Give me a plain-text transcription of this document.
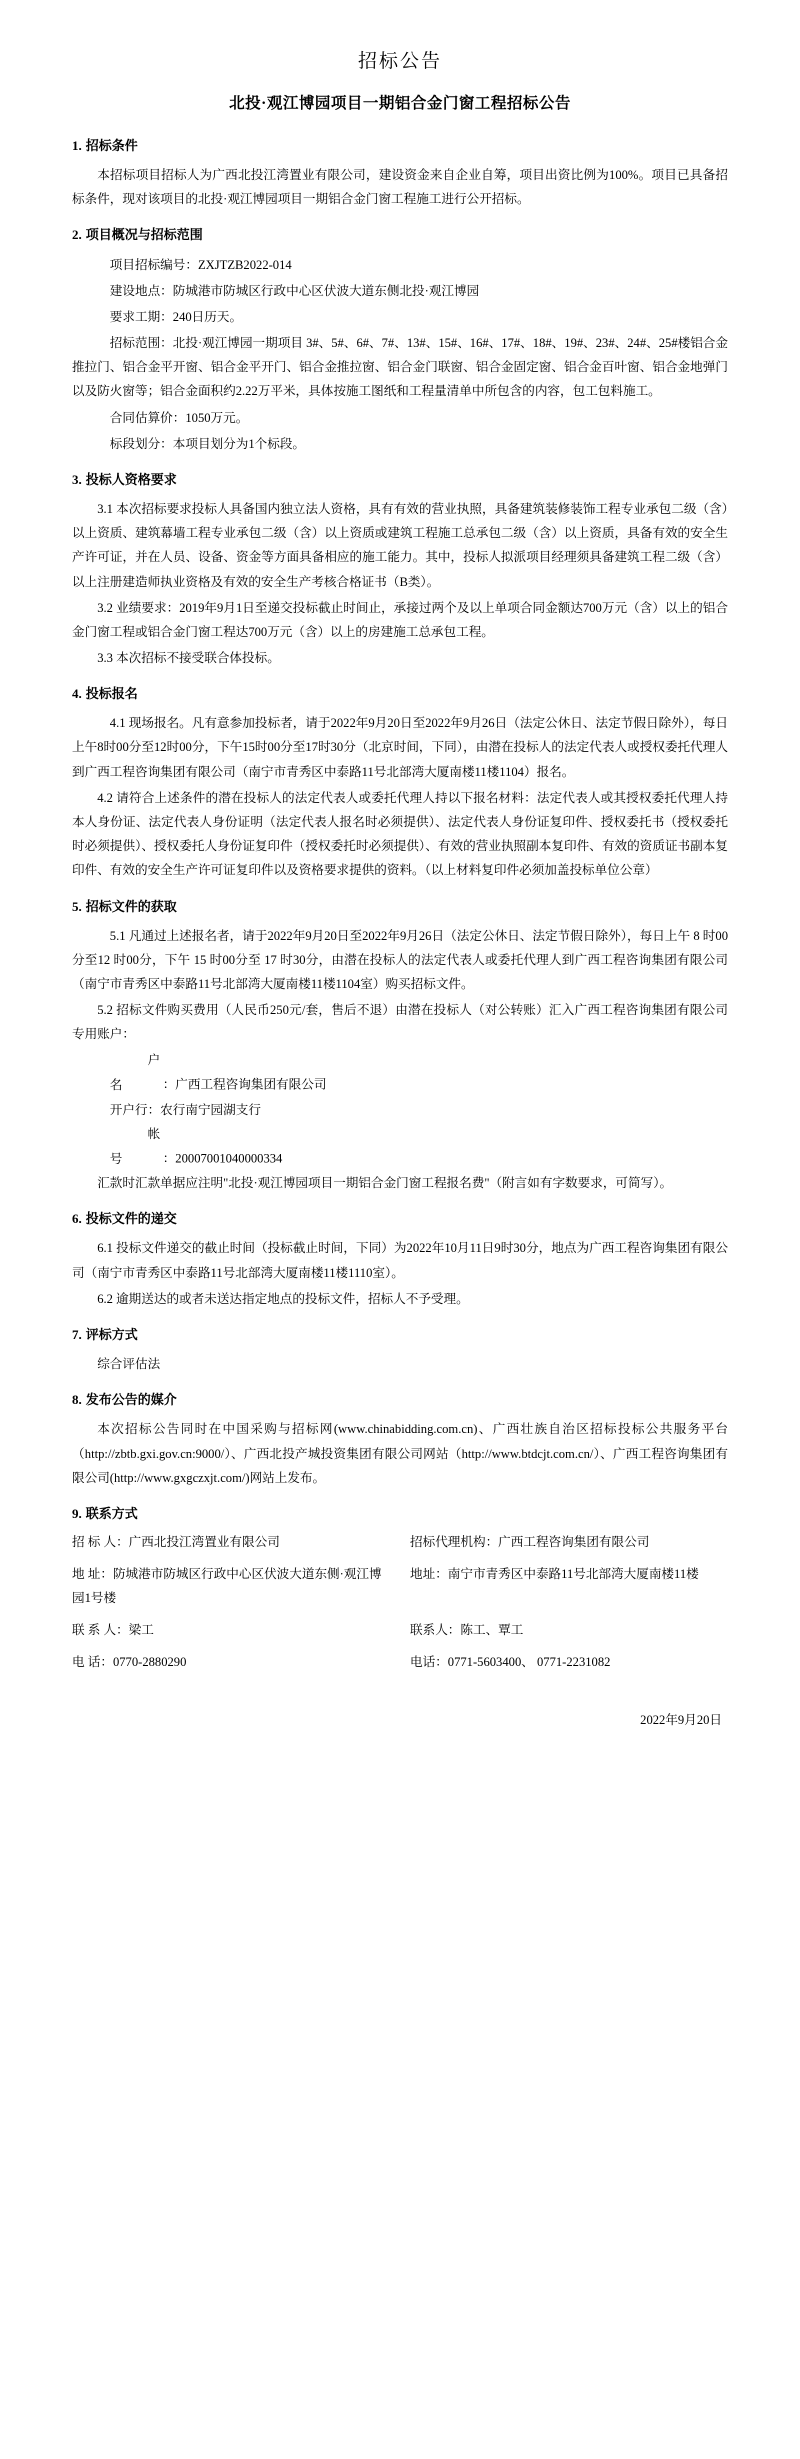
招标公告
北投·观江博园项目一期铝合金门窗工程招标公告
1. 招标条件

本招标项目招标人为广西北投江湾置业有限公司，建设资金来自企业自筹，项目出资比例为100%。项目已具备招标条件，现对该项目的北投·观江博园项目一期铝合金门窗工程施工进行公开招标。

2. 项目概况与招标范围

项目招标编号：ZXJTZB2022-014

建设地点：防城港市防城区行政中心区伏波大道东侧北投·观江博园

要求工期：240日历天。

招标范围：北投·观江博园一期项目 3#、5#、6#、7#、13#、15#、16#、17#、18#、19#、23#、24#、25#楼铝合金推拉门、铝合金平开窗、铝合金平开门、铝合金推拉窗、铝合金门联窗、铝合金固定窗、铝合金百叶窗、铝合金地弹门以及防火窗等；铝合金面积约2.22万平米，具体按施工图纸和工程量清单中所包含的内容，包工包料施工。

合同估算价：1050万元。

标段划分：本项目划分为1个标段。

3. 投标人资格要求

3.1 本次招标要求投标人具备国内独立法人资格，具有有效的营业执照，具备建筑装修装饰工程专业承包二级（含）以上资质、建筑幕墙工程专业承包二级（含）以上资质或建筑工程施工总承包二级（含）以上资质，具备有效的安全生产许可证，并在人员、设备、资金等方面具备相应的施工能力。其中，投标人拟派项目经理须具备建筑工程二级（含）以上注册建造师执业资格及有效的安全生产考核合格证书（B类）。

3.2 业绩要求：2019年9月1日至递交投标截止时间止，承接过两个及以上单项合同金额达700万元（含）以上的铝合金门窗工程或铝合金门窗工程达700万元（含）以上的房建施工总承包工程。

3.3 本次招标不接受联合体投标。

4. 投标报名

4.1 现场报名。凡有意参加投标者，请于2022年9月20日至2022年9月26日（法定公休日、法定节假日除外），每日上午8时00分至12时00分，下午15时00分至17时30分（北京时间，下同），由潜在投标人的法定代表人或授权委托代理人到广西工程咨询集团有限公司（南宁市青秀区中泰路11号北部湾大厦南楼11楼1104）报名。

4.2 请符合上述条件的潜在投标人的法定代表人或委托代理人持以下报名材料：法定代表人或其授权委托代理人持本人身份证、法定代表人身份证明（法定代表人报名时必须提供）、法定代表人身份证复印件、授权委托书（授权委托时必须提供）、授权委托人身份证复印件（授权委托时必须提供）、有效的营业执照副本复印件、有效的资质证书副本复印件、有效的安全生产许可证复印件以及资格要求提供的资料。（以上材料复印件必须加盖投标单位公章）

5. 招标文件的获取

5.1 凡通过上述报名者，请于2022年9月20日至2022年9月26日（法定公休日、法定节假日除外），每日上午 8 时00分至12 时00分，下午 15 时00分至 17 时30分，由潜在投标人的法定代表人或委托代理人到广西工程咨询集团有限公司（南宁市青秀区中泰路11号北部湾大厦南楼11楼1104室）购买招标文件。

5.2 招标文件购买费用（人民币250元/套，售后不退）由潜在投标人（对公转账）汇入广西工程咨询集团有限公司专用账户：

户 名	：广西工程咨询集团有限公司

开户行：农行南宁园湖支行

帐 号	：20007001040000334

汇款时汇款单据应注明"北投·观江博园项目一期铝合金门窗工程报名费"（附言如有字数要求，可简写）。

6. 投标文件的递交

6.1 投标文件递交的截止时间（投标截止时间，下同）为2022年10月11日9时30分，地点为广西工程咨询集团有限公司（南宁市青秀区中泰路11号北部湾大厦南楼11楼1110室）。

6.2 逾期送达的或者未送达指定地点的投标文件，招标人不予受理。

7. 评标方式

综合评估法

8. 发布公告的媒介

本次招标公告同时在中国采购与招标网(www.chinabidding.com.cn)、广西壮族自治区招标投标公共服务平台（http://zbtb.gxi.gov.cn:9000/）、广西北投产城投资集团有限公司网站（http://www.btdcjt.com.cn/）、广西工程咨询集团有限公司(http://www.gxgczxjt.com/)网站上发布。

9. 联系方式
招 标 人：广西北投江湾置业有限公司	招标代理机构：广西工程咨询集团有限公司
地 址：防城港市防城区行政中心区伏波大道东侧·观江博园1号楼	地址：南宁市青秀区中泰路11号北部湾大厦南楼11楼
联 系 人：梁工	联系人：陈工、覃工
电 话：0770-2880290	电话：0771-5603400、 0771-2231082
2022年9月20日
